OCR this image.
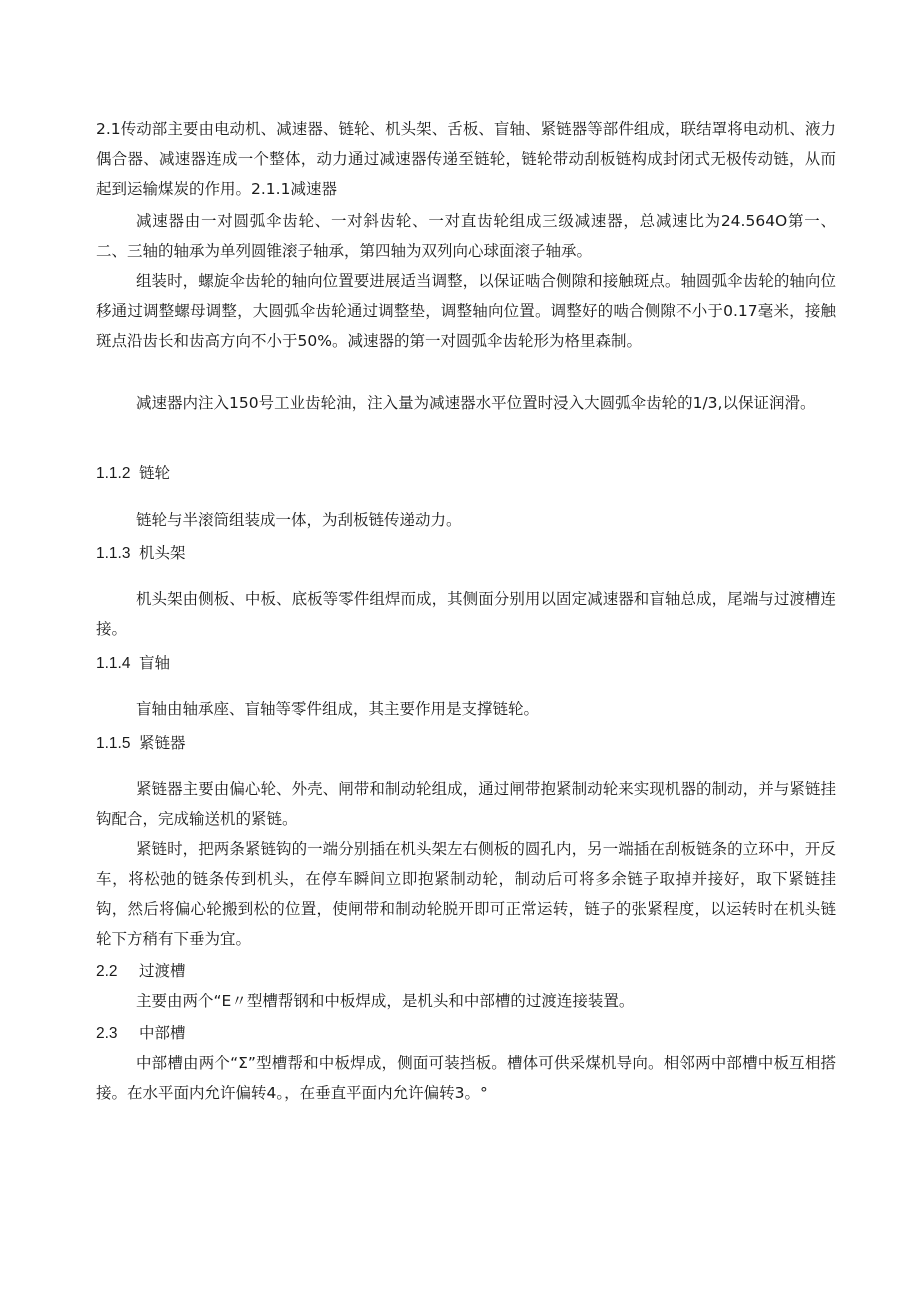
2.1传动部主要由电动机、减速器、链轮、机头架、舌板、盲轴、紧链器等部件组成，联结罩将电动机、液力偶合器、减速器连成一个整体，动力通过减速器传递至链轮，链轮带动刮板链构成封闭式无极传动链，从而起到运输煤炭的作用。2.1.1减速器

减速器由一对圆弧伞齿轮、一对斜齿轮、一对直齿轮组成三级减速器，总减速比为24.564O第一、二、三轴的轴承为单列圆锥滚子轴承，第四轴为双列向心球面滚子轴承。

组装时，螺旋伞齿轮的轴向位置要进展适当调整，以保证啮合侧隙和接触斑点。轴圆弧伞齿轮的轴向位移通过调整螺母调整，大圆弧伞齿轮通过调整垫，调整轴向位置。调整好的啮合侧隙不小于0.17毫米，接触斑点沿齿长和齿高方向不小于50%。减速器的第一对圆弧伞齿轮形为格里森制。

减速器内注入150号工业齿轮油，注入量为减速器水平位置时浸入大圆弧伞齿轮的1/3,以保证润滑。

1.1.2 链轮

链轮与半滚筒组装成一体，为刮板链传递动力。

1.1.3 机头架

机头架由侧板、中板、底板等零件组焊而成，其侧面分别用以固定减速器和盲轴总成，尾端与过渡槽连接。

1.1.4 盲轴

盲轴由轴承座、盲轴等零件组成，其主要作用是支撑链轮。

1.1.5 紧链器

紧链器主要由偏心轮、外壳、闸带和制动轮组成，通过闸带抱紧制动轮来实现机器的制动，并与紧链挂钩配合，完成输送机的紧链。

紧链时，把两条紧链钩的一端分别插在机头架左右侧板的圆孔内，另一端插在刮板链条的立环中，开反车，将松弛的链条传到机头，在停车瞬间立即抱紧制动轮，制动后可将多余链子取掉并接好，取下紧链挂钩，然后将偏心轮搬到松的位置，使闸带和制动轮脱开即可正常运转，链子的张紧程度，以运转时在机头链轮下方稍有下垂为宜。

2.2 过渡槽

主要由两个“E〃型槽帮钢和中板焊成，是机头和中部槽的过渡连接装置。

2.3 中部槽

中部槽由两个“Σ”型槽帮和中板焊成，侧面可装挡板。槽体可供采煤机导向。相邻两中部槽中板互相搭接。在水平面内允许偏转4。，在垂直平面内允许偏转3。°
